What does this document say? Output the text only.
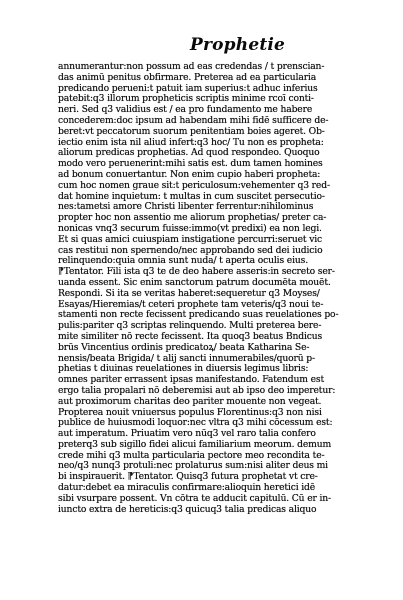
Prophetie
annumerantur:non possum ad eas credendas / t prenscian-
das animū penitus obfirmare. Preterea ad ea particularia
predicando perueni:t patuit iam superius:t adhuc inferius
patebit:q3 illorum propheticis scriptis minime rcoī conti-
neri. Sed q3 validius est / ea pro fundamento me habere
concederem:doc ipsum ad habendam mihi fidē sufficere de-
beret:vt peccatorum suorum penitentiam boies ageret. Ob-
iectio enim ista nil aliud infert:q3 hoc/ Tu non es propheta:
aliorum predicas prophetias. Ad quod respondeo. Quoquo
modo vero peruenerint:mihi satis est. dum tamen homines
ad bonum conuertantur. Non enim cupio haberi propheta:
cum hoc nomen graue sit:t periculosum:vehementer q3 red-
dat homine inquietum: t multas in cum suscitet persecutio-
nes:tametsi amore Christi libenter ferrentur:nihilominus
propter hoc non assentio me aliorum prophetias/ preter ca-
nonicas vnq3 securum fuisse:immo(vt predixi) ea non legi.
Et si quas amici cuiuspiam instigatione percurri:seruet vic
cas restitui non spernendo/nec approbando sed dei iudicio
relinquendo:quia omnia sunt nuda/ t aperta oculis eius.
⁋Tentator. Fili ista q3 te de deo habere asseris:in secreto ser-
uanda essent. Sic enim sanctorum patrum documēta mouēt.
Respondi. Si ita se veritas haberet:sequeretur q3 Moyses/
Esayas/Hieremias/t ceteri prophete tam veteris/q3 noui te-
stamenti non recte fecissent predicando suas reuelationes po-
pulis:pariter q3 scriptas relinquendo. Multi preterea bere-
mite similiter nō recte fecissent. Ita quoq3 beatus Bndicus
brūs Vincentius ordinis predicatoꝝ/ beata Katharina Se-
nensis/beata Brigida/ t alij sancti innumerabiles/quorū p-
phetias t diuinas reuelationes in diuersis legimus libris:
omnes pariter errassent ipsas manifestando. Fatendum est
ergo talia propalari nō deberemisi aut ab ipso deo imperetur:
aut proximorum charitas deo pariter mouente non vegeat.
Propterea nouit vniuersus populus Florentinus:q3 non nisi
publice de huiusmodi loquor:nec vltra q3 mihi cōcessum est:
aut imperatum. Priuatim vero nūq3 vel raro talia confero
preterq3 sub sigillo fidei alicui familiarium meorum. demum
crede mihi q3 multa particularia pectore meo recondita te-
neo/q3 nunq3 protuli:nec prolaturus sum:nisi aliter deus mi
bi inspirauerit. ⁋Tentator. Quisq3 futura prophetat vt cre-
datur:debet ea miraculis confirmare:alioquin heretici idē
sibi vsurpare possent. Vn cōtra te adducit capitulū. Cū er in-
iuncto extra de hereticis:q3 quicuq3 talia predicas aliquo
